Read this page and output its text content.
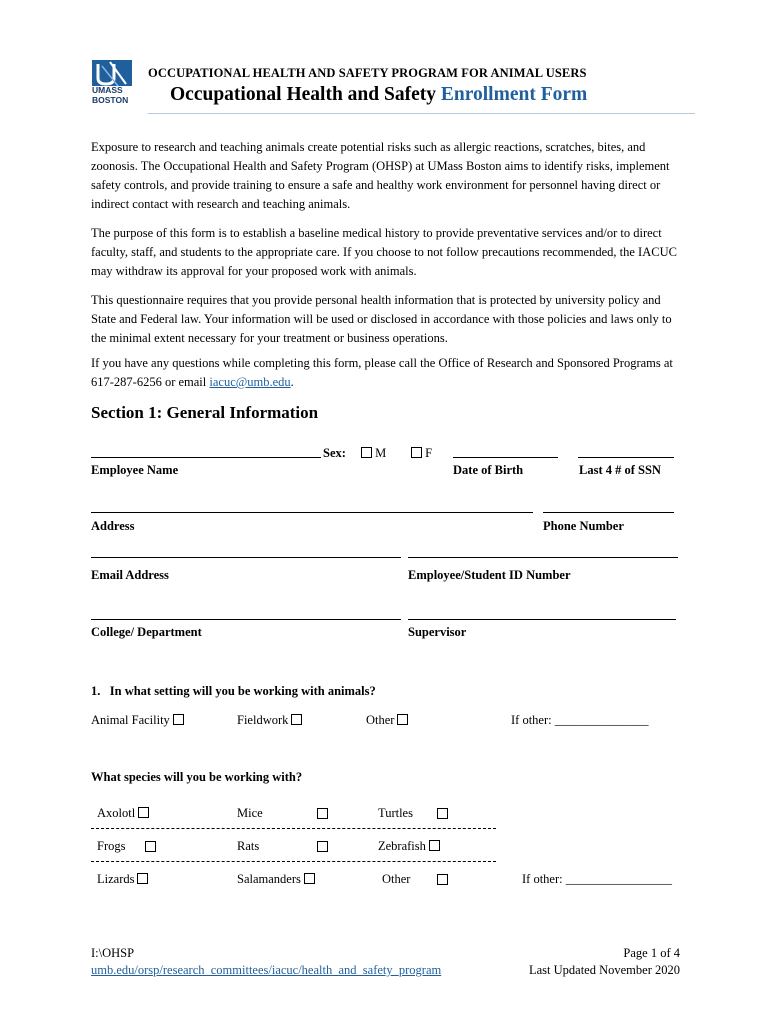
UMASS
BOSTON
OCCUPATIONAL HEALTH AND SAFETY PROGRAM FOR ANIMAL USERS
Occupational Health and Safety Enrollment Form
Exposure to research and teaching animals create potential risks such as allergic reactions, scratches, bites, and zoonosis. The Occupational Health and Safety Program (OHSP) at UMass Boston aims to identify risks, implement safety controls, and provide training to ensure a safe and healthy work environment for personnel having direct or indirect contact with research and teaching animals.
The purpose of this form is to establish a baseline medical history to provide preventative services and/or to direct faculty, staff, and students to the appropriate care. If you choose to not follow precautions recommended, the IACUC may withdraw its approval for your proposed work with animals.
This questionnaire requires that you provide personal health information that is protected by university policy and State and Federal law. Your information will be used or disclosed in accordance with those policies and laws only to the minimal extent necessary for your treatment or business operations.
If you have any questions while completing this form, please call the Office of Research and Sponsored Programs at 617-287-6256 or email iacuc@umb.edu.
Section 1: General Information
Sex:	M	F
Employee Name	Date of Birth	Last 4 # of SSN
Address	Phone Number
Email Address	Employee/Student ID Number
College/ Department	Supervisor
1.   In what setting will you be working with animals?
Animal Facility	Fieldwork	Other	If other: _______________
What species will you be working with?
Axolotl	Mice	Turtles
Frogs	Rats	Zebrafish
Lizards	Salamanders	Other	If other: _________________
I:\OHSP
umb.edu/orsp/research_committees/iacuc/health_and_safety_program
Page 1 of 4
Last Updated November 2020
